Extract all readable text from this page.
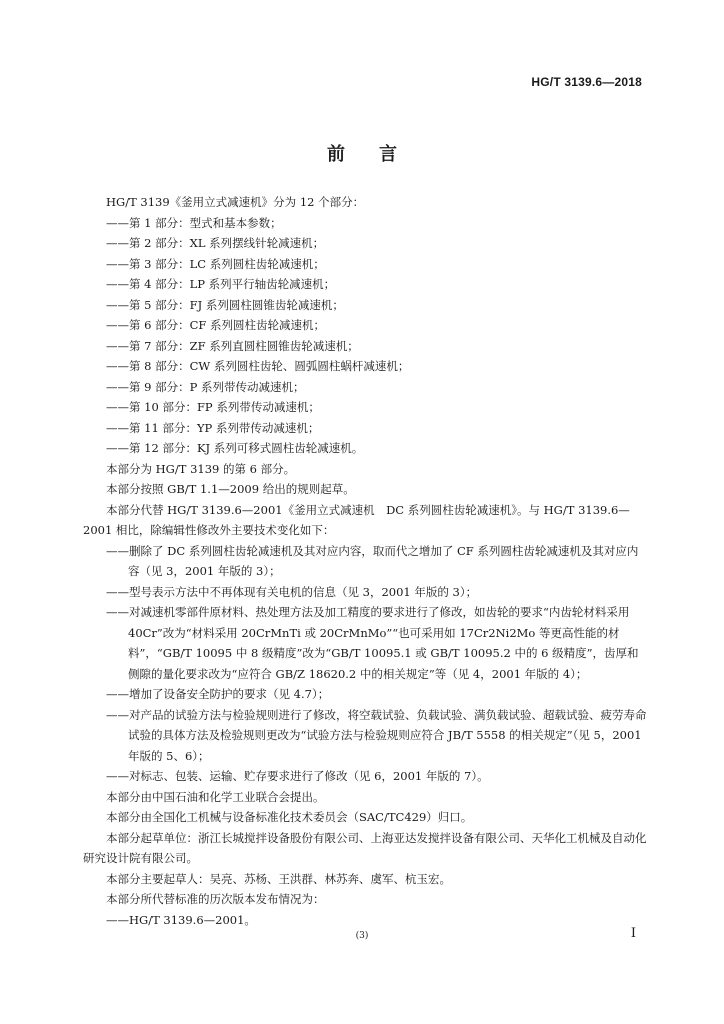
HG/T 3139.6—2018
前言

HG/T 3139《釜用立式减速机》分为 12 个部分：

——第 1 部分：型式和基本参数；

——第 2 部分：XL 系列摆线针轮减速机；

——第 3 部分：LC 系列圆柱齿轮减速机；

——第 4 部分：LP 系列平行轴齿轮减速机；

——第 5 部分：FJ 系列圆柱圆锥齿轮减速机；

——第 6 部分：CF 系列圆柱齿轮减速机；

——第 7 部分：ZF 系列直圆柱圆锥齿轮减速机；

——第 8 部分：CW 系列圆柱齿轮、圆弧圆柱蜗杆减速机；

——第 9 部分：P 系列带传动减速机；

——第 10 部分：FP 系列带传动减速机；

——第 11 部分：YP 系列带传动减速机；

——第 12 部分：KJ 系列可移式圆柱齿轮减速机。

本部分为 HG/T 3139 的第 6 部分。

本部分按照 GB/T 1.1—2009 给出的规则起草。

本部分代替 HG/T 3139.6—2001《釜用立式减速机　DC 系列圆柱齿轮减速机》。与 HG/T 3139.6—2001 相比，除编辑性修改外主要技术变化如下：

——删除了 DC 系列圆柱齿轮减速机及其对应内容，取而代之增加了 CF 系列圆柱齿轮减速机及其对应内容（见 3，2001 年版的 3）；

——型号表示方法中不再体现有关电机的信息（见 3，2001 年版的 3）；

——对减速机零部件原材料、热处理方法及加工精度的要求进行了修改，如齿轮的要求“内齿轮材料采用 40Cr”改为“材料采用 20CrMnTi 或 20CrMnMo”“也可采用如 17Cr2Ni2Mo 等更高性能的材料”，“GB/T 10095 中 8 级精度”改为“GB/T 10095.1 或 GB/T 10095.2 中的 6 级精度”，齿厚和侧隙的量化要求改为“应符合 GB/Z 18620.2 中的相关规定”等（见 4，2001 年版的 4）；

——增加了设备安全防护的要求（见 4.7）；

——对产品的试验方法与检验规则进行了修改，将空载试验、负载试验、满负载试验、超载试验、疲劳寿命试验的具体方法及检验规则更改为“试验方法与检验规则应符合 JB/T 5558 的相关规定”（见 5，2001 年版的 5、6）；

——对标志、包装、运输、贮存要求进行了修改（见 6，2001 年版的 7）。

本部分由中国石油和化学工业联合会提出。

本部分由全国化工机械与设备标准化技术委员会（SAC/TC429）归口。

本部分起草单位：浙江长城搅拌设备股份有限公司、上海亚达发搅拌设备有限公司、天华化工机械及自动化研究设计院有限公司。

本部分主要起草人：吴亮、苏杨、王洪群、林苏奔、虞军、杭玉宏。

本部分所代替标准的历次版本发布情况为：

——HG/T 3139.6—2001。

(3)	I
